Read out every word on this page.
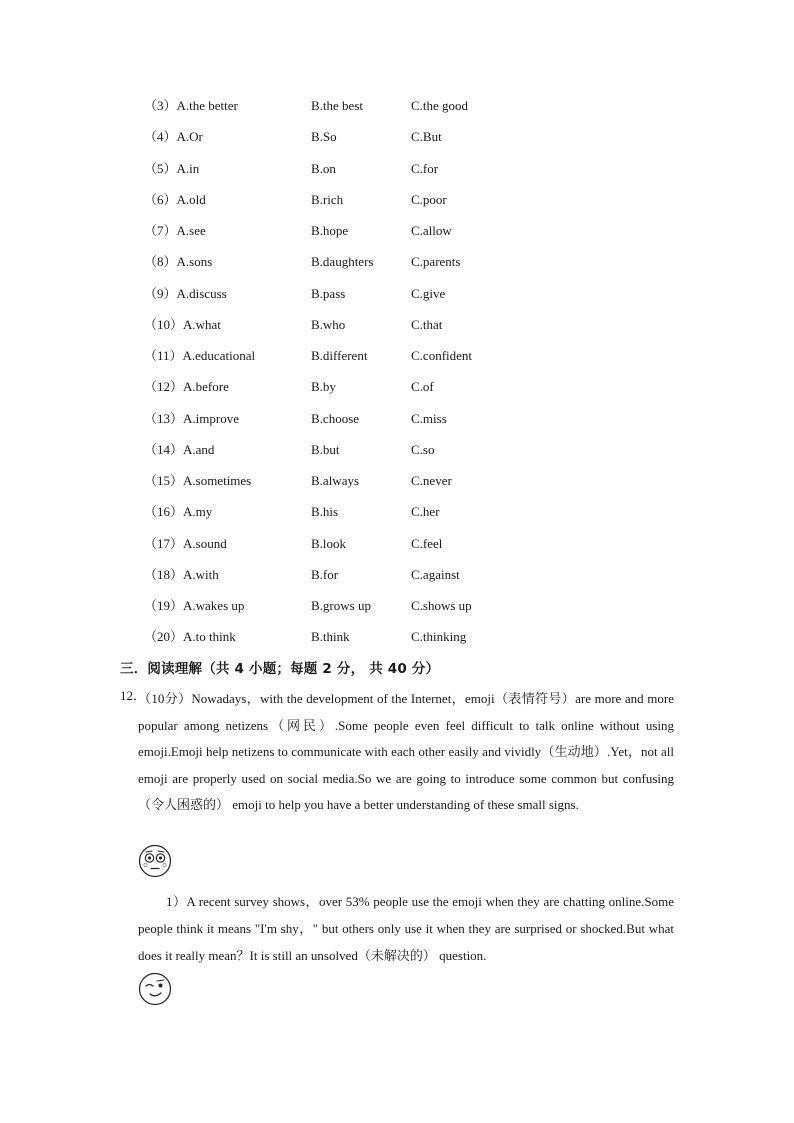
（3）A.the better	B.the best	C.the good
（4）A.Or	B.So	C.But
（5）A.in	B.on	C.for
（6）A.old	B.rich	C.poor
（7）A.see	B.hope	C.allow
（8）A.sons	B.daughters	C.parents
（9）A.discuss	B.pass	C.give
（10）A.what	B.who	C.that
（11）A.educational	B.different	C.confident
（12）A.before	B.by	C.of
（13）A.improve	B.choose	C.miss
（14）A.and	B.but	C.so
（15）A.sometimes	B.always	C.never
（16）A.my	B.his	C.her
（17）A.sound	B.look	C.feel
（18）A.with	B.for	C.against
（19）A.wakes up	B.grows up	C.shows up
（20）A.to think	B.think	C.thinking
三．阅读理解（共 4 小题；每题 2 分， 共 40 分）
12．

（10分）Nowadays，with the development of the Internet，emoji（表情符号）are more and more popular among netizens（网民）.Some people even feel difficult to talk online without using emoji.Emoji help netizens to communicate with each other easily and vividly（生动地）.Yet，not all emoji are properly used on social media.So we are going to introduce some common but confusing（令人困惑的） emoji to help you have a better understanding of these small signs.

1）A recent survey shows，over 53% people use the emoji when they are chatting online.Some people think it means "I'm shy，" but others only use it when they are surprised or shocked.But what does it really mean？It is still an unsolved（未解决的） question.
